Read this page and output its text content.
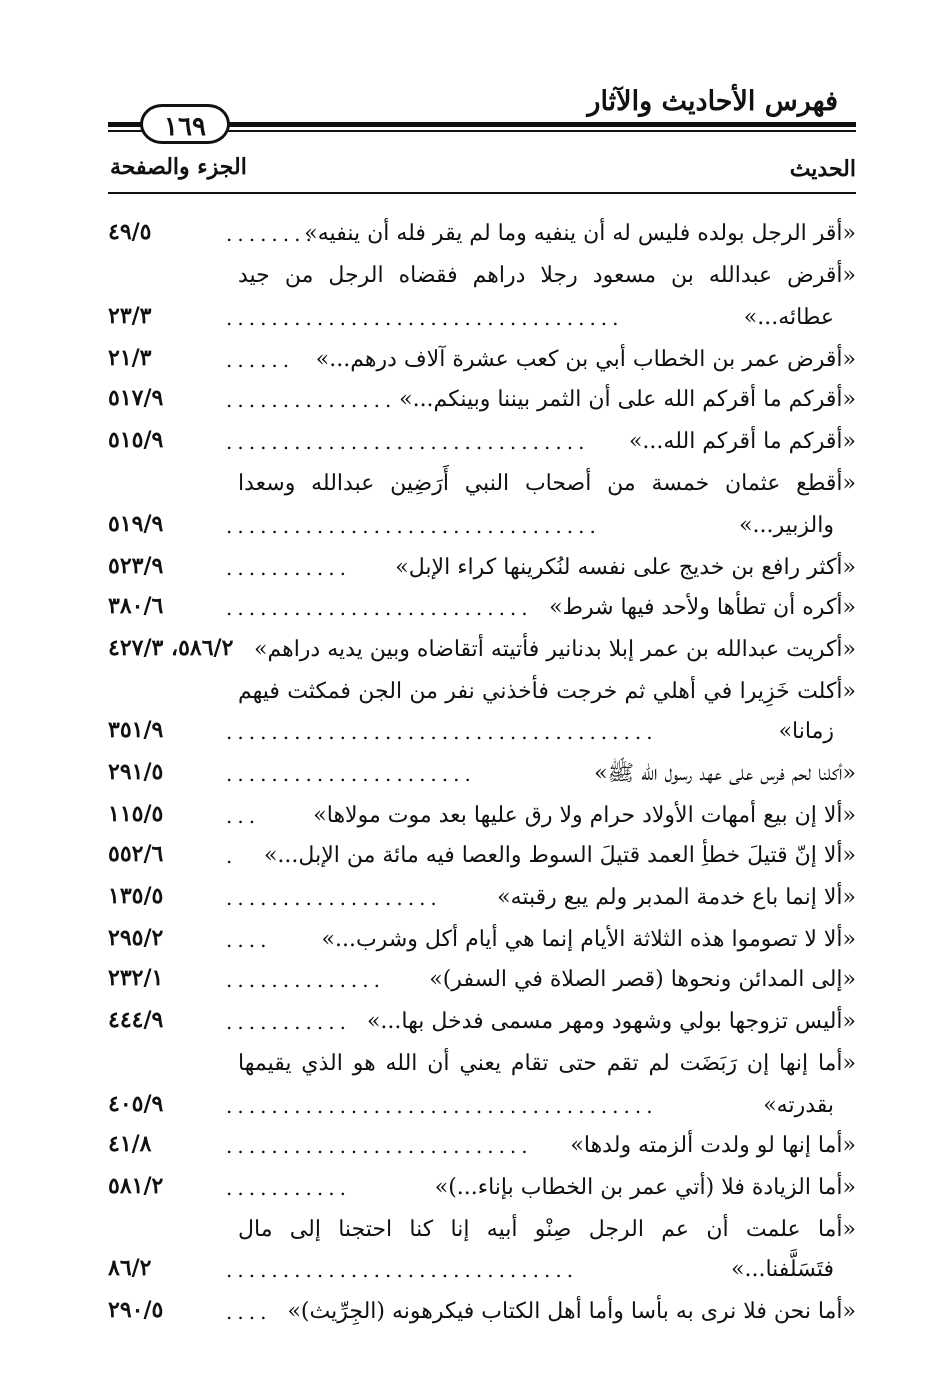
فهرس الأحاديث والآثار
١٦٩
الحديث
الجزء والصفحة
«أقر الرجل بولده فليس له أن ينفيه وما لم يقر فله أن ينفيه»
........
٤٩/٥
«أقرض عبدالله بن مسعود رجلا دراهم فقضاه الرجل من جيد
عطائه...»
...................................
٢٣/٣
«أقرض عمر بن الخطاب أبي بن كعب عشرة آلاف درهم...»
......
٢١/٣
«أقركم ما أقركم الله على أن الثمر بيننا وبينكم...»
...............
٥١٧/٩
«أقركم ما أقركم الله...»
................................
٥١٥/٩
«أقطع عثمان خمسة من أصحاب النبي أَرَضِين عبدالله وسعدا
والزبير...»
.................................
٥١٩/٩
«أكثر رافع بن خديج على نفسه لنُكرينها كراء الإبل»
...........
٥٢٣/٩
«أكره أن تطأها ولأحد فيها شرط»
...........................
٣٨٠/٦
«أكريت عبدالله بن عمر إبلا بدنانير فأتيته أتقاضاه وبين يديه دراهم»
٥٨٦/٢، ٤٢٧/٣
«أكلت خَزِيرا في أهلي ثم خرجت فأخذني نفر من الجن فمكثت فيهم
زمانا»
......................................
٣٥١/٩
«أكلنا لحم فرس على عهد رسول الله ﷺ»
......................
٢٩١/٥
«ألا إن بيع أمهات الأولاد حرام ولا رق عليها بعد موت مولاها»
...
١١٥/٥
«ألا إنّ قتيلَ خطأِ العمد قتيلَ السوط والعصا فيه مائة من الإبل...»
.
٥٥٢/٦
«ألا إنما باع خدمة المدبر ولم يبع رقبته»
...................
١٣٥/٥
«ألا لا تصوموا هذه الثلاثة الأيام إنما هي أيام أكل وشرب...»
....
٢٩٥/٢
«إلى المدائن ونحوها (قصر الصلاة في السفر)»
..............
٢٣٢/١
«أليس تزوجها بولي وشهود ومهر مسمى فدخل بها...»
...........
٤٤٤/٩
«أما إنها إن رَبَضَت لم تقم حتى تقام يعني أن الله هو الذي يقيمها
بقدرته»
......................................
٤٠٥/٩
«أما إنها لو ولدت ألزمته ولدها»
...........................
٤١/٨
«أما الزيادة فلا (أتي عمر بن الخطاب بإناء...)»
...........
٥٨١/٢
«أما علمت أن عم الرجل صِنْو أبيه إنا كنا احتجنا إلى مال
فتَسَلَّفنا...»
...............................
٨٦/٢
«أما نحن فلا نرى به بأسا وأما أهل الكتاب فيكرهونه (الجِرِّيث)»
....
٢٩٠/٥
